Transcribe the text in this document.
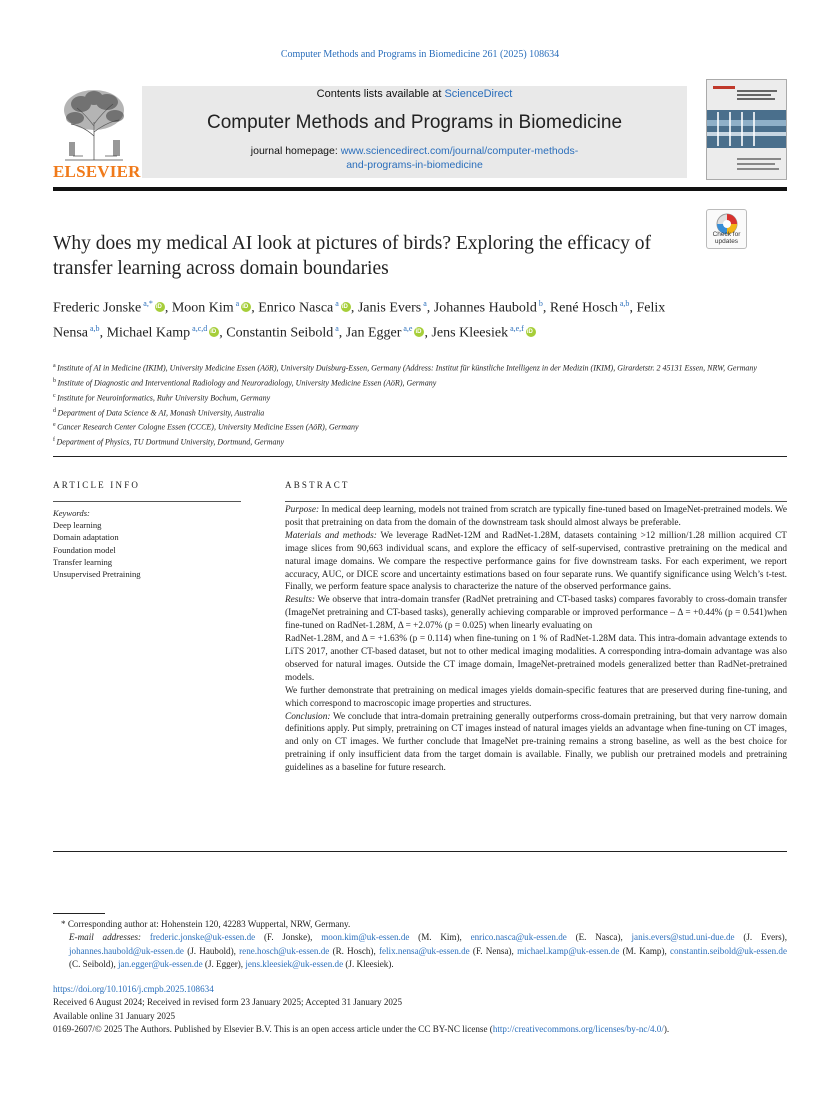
Computer Methods and Programs in Biomedicine 261 (2025) 108634
ELSEVIER
Contents lists available at ScienceDirect
Computer Methods and Programs in Biomedicine
journal homepage: www.sciencedirect.com/journal/computer-methods-
and-programs-in-biomedicine
Check for
updates
Why does my medical AI look at pictures of birds? Exploring the efficacy of transfer learning across domain boundaries
Frederic Jonske $^{a,*}$ iD , Moon Kim $^a$ iD , Enrico Nasca $^a$ iD , Janis Evers $^a$, Johannes Haubold $^b$, René Hosch $^{a,b}$, Felix Nensa $^{a,b}$, Michael Kamp $^{a,c,d}$ iD , Constantin Seibold $^a$, Jan Egger $^{a,e}$ iD , Jens Kleesiek $^{a,e,f}$iD
$^a$ Institute of AI in Medicine (IKIM), University Medicine Essen (AöR), University Duisburg-Essen, Germany (Address: Institut für künstliche Intelligenz in der Medizin (IKIM), Girardetstr. 2 45131 Essen, NRW, Germany
$^b$ Institute of Diagnostic and Interventional Radiology and Neuroradiology, University Medicine Essen (AöR), Germany
$^c$ Institute for Neuroinformatics, Ruhr University Bochum, Germany
$^d$ Department of Data Science & AI, Monash University, Australia
$^e$ Cancer Research Center Cologne Essen (CCCE), University Medicine Essen (AöR), Germany
$^f$ Department of Physics, TU Dortmund University, Dortmund, Germany
ARTICLE INFO	ABSTRACT
Keywords:
Deep learning
Domain adaptation
Foundation model
Transfer learning
Unsupervised Pretraining

Purpose: In medical deep learning, models not trained from scratch are typically fine-tuned based on ImageNet-pretrained models. We posit that pretraining on data from the domain of the downstream task should almost always be preferable.

Materials and methods: We leverage RadNet-12M and RadNet-1.28M, datasets containing >12 million/1.28 million acquired CT image slices from 90,663 individual scans, and explore the efficacy of self-supervised, contrastive pretraining on the medical and natural image domains. We compare the respective performance gains for five downstream tasks. For each experiment, we report accuracy, AUC, or DICE score and uncertainty estimations based on four separate runs. We quantify significance using Welch’s t-test. Finally, we perform feature space analysis to characterize the nature of the observed performance gains.

Results: We observe that intra-domain transfer (RadNet pretraining and CT-based tasks) compares favorably to cross-domain transfer (ImageNet pretraining and CT-based tasks), generally achieving comparable or improved performance – Δ = +0.44% (p = 0.541)when fine-tuned on RadNet-1.28M, Δ = +2.07% (p = 0.025) when linearly evaluating on

RadNet-1.28M, and Δ = +1.63% (p = 0.114) when fine-tuning on 1 % of RadNet-1.28M data. This intra-domain advantage extends to LiTS 2017, another CT-based dataset, but not to other medical imaging modalities. A corresponding intra-domain advantage was also observed for natural images. Outside the CT image domain, ImageNet-pretrained models generalized better than RadNet-pretrained models.

We further demonstrate that pretraining on medical images yields domain-specific features that are preserved during fine-tuning, and which correspond to macroscopic image properties and structures.

Conclusion: We conclude that intra-domain pretraining generally outperforms cross-domain pretraining, but that very narrow domain definitions apply. Put simply, pretraining on CT images instead of natural images yields an advantage when fine-tuning on CT images, and only on CT images. We further conclude that ImageNet pre-training remains a strong baseline, as well as the best choice for pretraining if only insufficient data from the target domain is available. Finally, we publish our pretrained models and pretraining guidelines as a baseline for future research.

* Corresponding author at: Hohenstein 120, 42283 Wuppertal, NRW, Germany.
E-mail addresses: frederic.jonske@uk-essen.de (F. Jonske), moon.kim@uk-essen.de (M. Kim), enrico.nasca@uk-essen.de (E. Nasca), janis.evers@stud.uni-due.de (J. Evers), johannes.haubold@uk-essen.de (J. Haubold), rene.hosch@uk-essen.de (R. Hosch), felix.nensa@uk-essen.de (F. Nensa), michael.kamp@uk-essen.de (M. Kamp), constantin.seibold@uk-essen.de (C. Seibold), jan.egger@uk-essen.de (J. Egger), jens.kleesiek@uk-essen.de (J. Kleesiek).
https://doi.org/10.1016/j.cmpb.2025.108634
Received 6 August 2024; Received in revised form 23 January 2025; Accepted 31 January 2025
Available online 31 January 2025
0169-2607/© 2025 The Authors. Published by Elsevier B.V. This is an open access article under the CC BY-NC license (http://creativecommons.org/licenses/by-nc/4.0/).
